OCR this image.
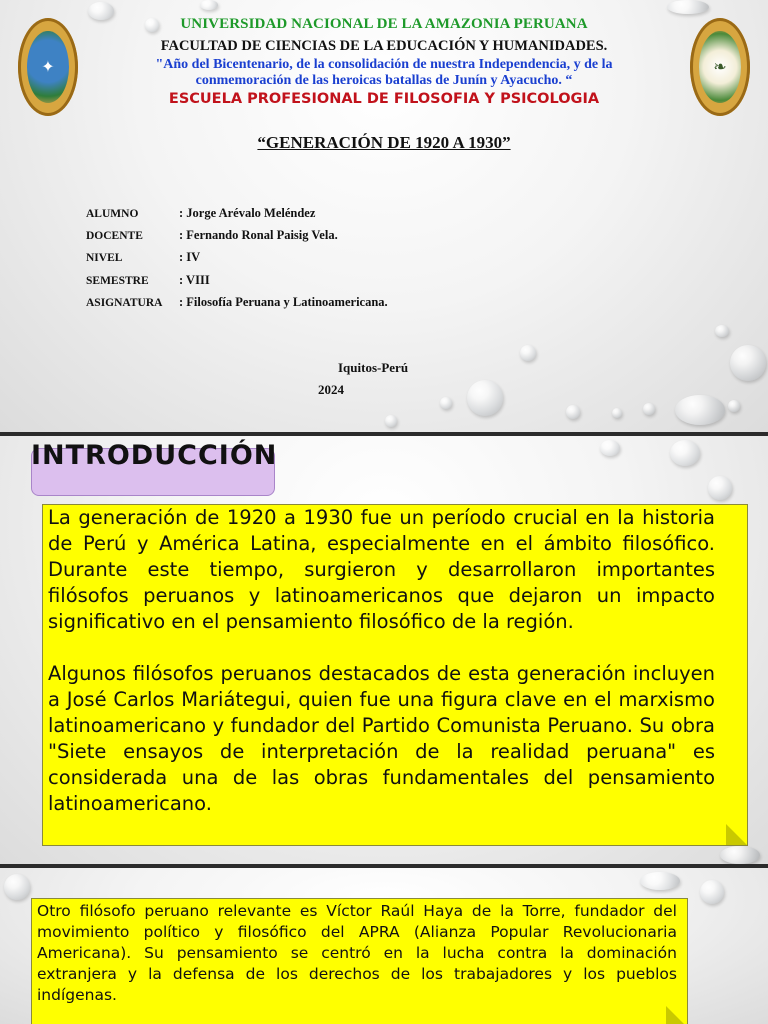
✦	❧
UNIVERSIDAD NACIONAL DE LA AMAZONIA PERUANA
FACULTAD DE CIENCIAS DE LA EDUCACIÓN Y HUMANIDADES.
"Año del Bicentenario, de la consolidación de nuestra Independencia, y de la
conmemoración de las heroicas batallas de Junín y Ayacucho. “
ESCUELA PROFESIONAL DE FILOSOFIA Y PSICOLOGIA
“GENERACIÓN DE 1920 A 1930”
ALUMNO	: Jorge Arévalo Meléndez
DOCENTE	: Fernando Ronal Paisig Vela.
NIVEL	: IV
SEMESTRE : VIII
ASIGNATURA : Filosofía Peruana y Latinoamericana.
Iquitos-Perú
2024
INTRODUCCIÓN

La generación de 1920 a 1930 fue un período crucial en la historia de Perú y América Latina, especialmente en el ámbito filosófico. Durante este tiempo, surgieron y desarrollaron importantes filósofos peruanos y latinoamericanos que dejaron un impacto significativo en el pensamiento filosófico de la región.

Algunos filósofos peruanos destacados de esta generación incluyen a José Carlos Mariátegui, quien fue una figura clave en el marxismo latinoamericano y fundador del Partido Comunista Peruano. Su obra "Siete ensayos de interpretación de la realidad peruana" es considerada una de las obras fundamentales del pensamiento latinoamericano.

Otro filósofo peruano relevante es Víctor Raúl Haya de la Torre, fundador del movimiento político y filosófico del APRA (Alianza Popular Revolucionaria Americana). Su pensamiento se centró en la lucha contra la dominación extranjera y la defensa de los derechos de los trabajadores y los pueblos indígenas.
